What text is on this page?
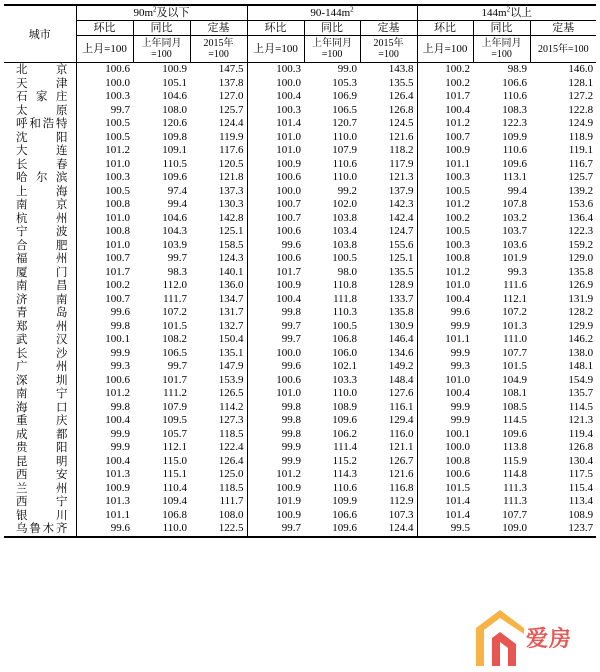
城市	$90m^2$及以下			$90-144m^2$			$144m^2$以上		
	环比	同比	定基	环比	同比	定基	环比	同比	定基
	上月=100	上年同月=100	2015年=100	上月=100	上年同月=100	2015年=100	上月=100	上年同月=100	2015年=100
北京	100.6	100.9	147.5	100.3	99.0	143.8	100.2	98.9	146.0
天津	100.0	105.1	137.8	100.0	105.3	135.5	100.2	106.6	128.1
石家庄	100.3	104.6	127.0	100.4	106.9	126.4	101.7	110.6	127.2
太原	99.7	108.0	125.7	100.3	106.5	126.8	100.4	108.3	122.8
呼和浩特	100.5	120.6	124.4	101.4	120.7	124.5	101.2	122.3	124.9
沈阳	100.5	109.8	119.9	101.0	110.0	121.6	100.7	109.9	118.9
大连	101.2	109.1	117.6	101.0	107.9	118.2	100.9	110.6	119.1
长春	101.0	110.5	120.5	100.9	110.6	117.9	101.1	109.6	116.7
哈尔滨	100.3	109.6	121.8	100.6	110.0	121.3	100.3	113.1	125.7
上海	100.5	97.4	137.3	100.0	99.2	137.9	100.5	99.4	139.2
南京	100.8	99.4	130.3	100.7	102.0	142.3	101.2	107.8	153.6
杭州	101.0	104.6	142.8	100.7	103.8	142.4	100.2	103.2	136.4
宁波	100.8	104.3	125.1	100.6	103.4	124.7	100.5	103.7	122.3
合肥	101.0	103.9	158.5	99.6	103.8	155.6	100.3	103.6	159.2
福州	100.7	99.7	124.3	100.6	100.5	125.1	100.8	101.9	129.0
厦门	101.7	98.3	140.1	101.7	98.0	135.5	101.2	99.3	135.8
南昌	100.2	112.0	136.0	100.9	110.8	128.9	101.0	111.6	126.9
济南	100.7	111.7	134.7	100.4	111.8	133.7	100.4	112.1	131.9
青岛	99.6	107.2	131.7	99.8	110.3	135.8	99.6	107.2	128.2
郑州	99.8	101.5	132.7	99.7	100.5	130.9	99.9	101.3	129.9
武汉	100.1	108.2	150.4	99.7	106.8	146.4	101.1	111.0	146.2
长沙	99.9	106.5	135.1	100.0	106.0	134.6	99.9	107.7	138.0
广州	99.3	99.7	147.9	99.6	102.1	149.2	99.3	101.5	148.1
深圳	100.6	101.7	153.9	100.6	103.3	148.4	101.0	104.9	154.9
南宁	101.2	111.2	126.5	101.0	110.0	127.6	100.4	108.1	135.7
海口	99.8	107.9	114.2	99.8	108.9	116.1	99.9	108.5	114.5
重庆	100.4	109.5	127.3	99.8	109.6	129.4	99.9	114.5	121.3
成都	99.9	105.7	118.5	99.8	106.2	116.0	100.1	109.6	119.4
贵阳	99.9	112.1	122.4	99.9	111.4	121.1	100.0	113.8	126.8
昆明	100.4	115.0	126.4	99.9	115.2	126.7	100.8	115.9	130.4
西安	101.3	115.1	125.0	101.2	114.3	121.6	100.6	114.8	117.5
兰州	100.9	110.4	118.5	100.9	110.6	116.8	101.5	111.3	115.4
西宁	101.3	109.4	111.7	101.9	109.9	112.9	101.4	111.3	113.4
银川	101.1	106.8	108.0	100.9	106.6	107.3	101.4	107.7	108.9
乌鲁木齐	99.6	110.0	122.5	99.7	109.6	124.4	99.5	109.0	123.7
爱房
